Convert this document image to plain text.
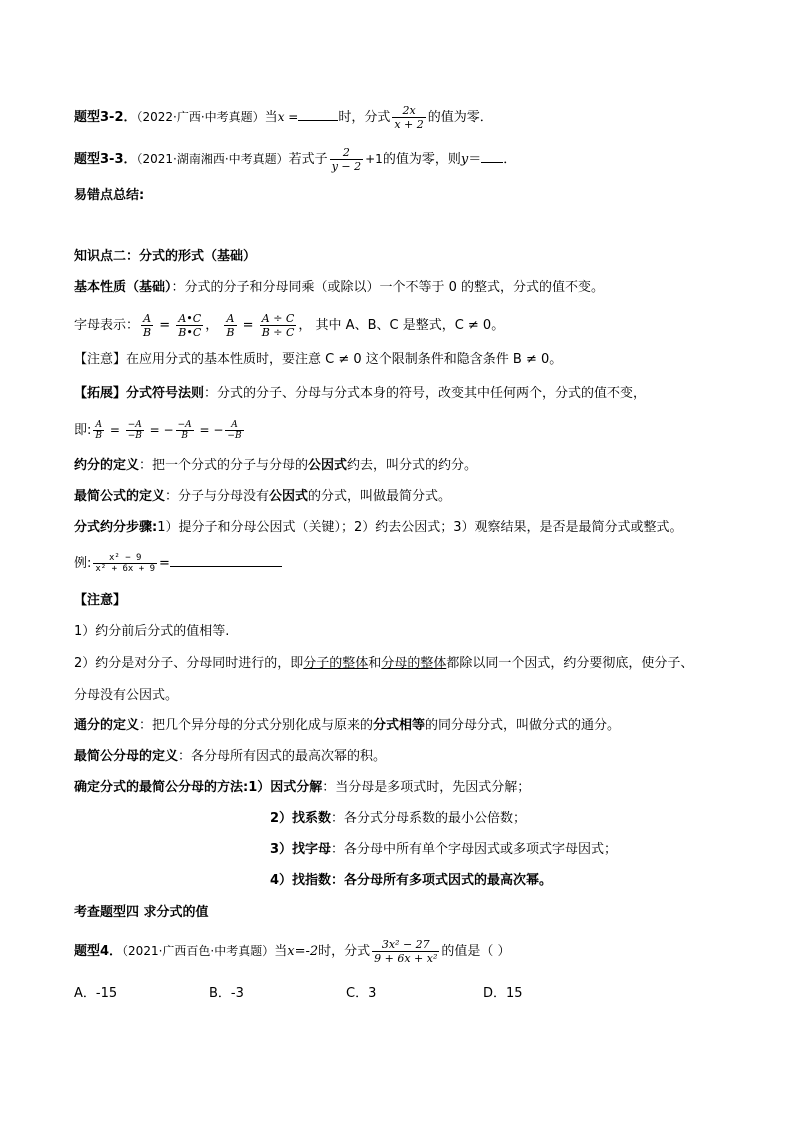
题型3-2．（2022·广西·中考真题）当x =	时，分式 $\frac{2x}{x + 2}$ 的值为零．
题型3-3．（2021·湖南湘西·中考真题）若式子 $\frac{2}{y - 2} +1$的值为零，则y＝ ．
易错点总结:
知识点二：分式的形式（基础）
基本性质（基础）：分式的分子和分母同乘（或除以）一个不等于 0 的整式，分式的值不变。
字母表示： $\frac{A}{B} = \frac{A•C}{B•C}$ ， $\frac{A}{B} = \frac{A \div C}{B \div C}$ ， 其中 A、B、C 是整式，C ≠ 0。
【注意】在应用分式的基本性质时，要注意 C ≠ 0 这个限制条件和隐含条件 B ≠ 0。
【拓展】分式符号法则：分式的分子、分母与分式本身的符号，改变其中任何两个，分式的值不变，
即: $\frac{A}{B} = \frac{-A}{-B}$ = − $\frac{-A}{B}$ = − $\frac{A}{-B}$
约分的定义：把一个分式的分子与分母的公因式约去，叫分式的约分。
最简公式的定义：分子与分母没有公因式的分式，叫做最简分式。
分式约分步骤:1）提分子和分母公因式（关键）；2）约去公因式；3）观察结果，是否是最简分式或整式。
例: $\frac{\text{x² − 9}}{\text{x² + 6x + 9}}$ =
【注意】
1）约分前后分式的值相等.
2）约分是对分子、分母同时进行的，即分子的整体和分母的整体都除以同一个因式，约分要彻底，使分子、
分母没有公因式。
通分的定义：把几个异分母的分式分别化成与原来的分式相等的同分母分式，叫做分式的通分。
最简公分母的定义：各分母所有因式的最高次幂的积。
确定分式的最简公分母的方法:1）因式分解：当分母是多项式时，先因式分解；
2）找系数：各分式分母系数的最小公倍数；
3）找字母：各分母中所有单个字母因式或多项式字母因式；
4）找指数：各分母所有多项式因式的最高次幂。
考查题型四 求分式的值
题型4．（2021·广西百色·中考真题）当x=-2时，分式 $\frac{\text{3x² − 27}}{\text{9 + 6x + x²}}$ 的值是（ ）
A．-15	B．-3	C．3	D．15
